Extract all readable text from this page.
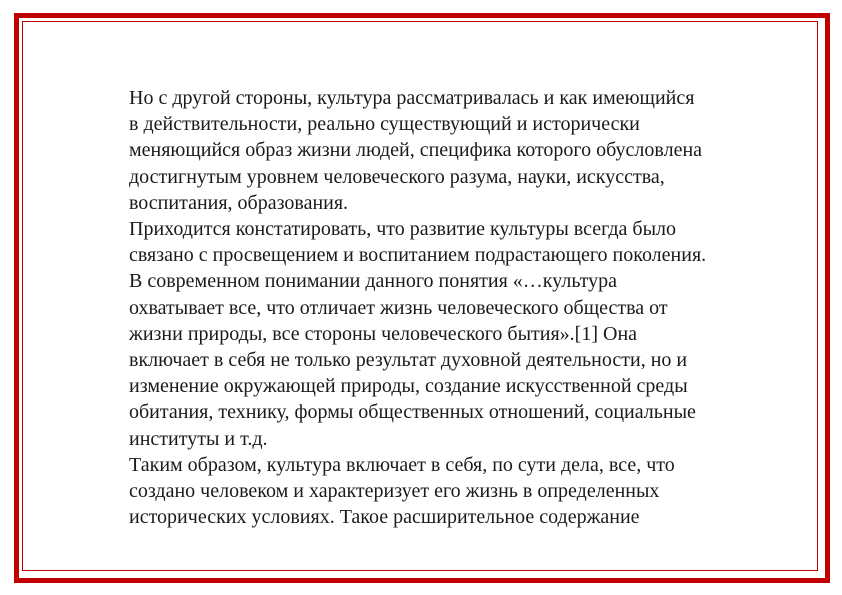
Но с другой стороны, культура рассматривалась и как имеющийся
в действительности, реально существующий и исторически
меняющийся образ жизни людей, специфика которого обусловлена
достигнутым уровнем человеческого разума, науки, искусства,
воспитания, образования.

Приходится констатировать, что развитие культуры всегда было
связано с просвещением и воспитанием подрастающего поколения.

В современном понимании данного понятия «…культура
охватывает все, что отличает жизнь человеческого общества от
жизни природы, все стороны человеческого бытия».[1] Она
включает в себя не только результат духовной деятельности, но и
изменение окружающей природы, создание искусственной среды
обитания, технику, формы общественных отношений, социальные
институты и т.д.

Таким образом, культура включает в себя, по сути дела, все, что
создано человеком и характеризует его жизнь в определенных
исторических условиях. Такое расширительное содержание
